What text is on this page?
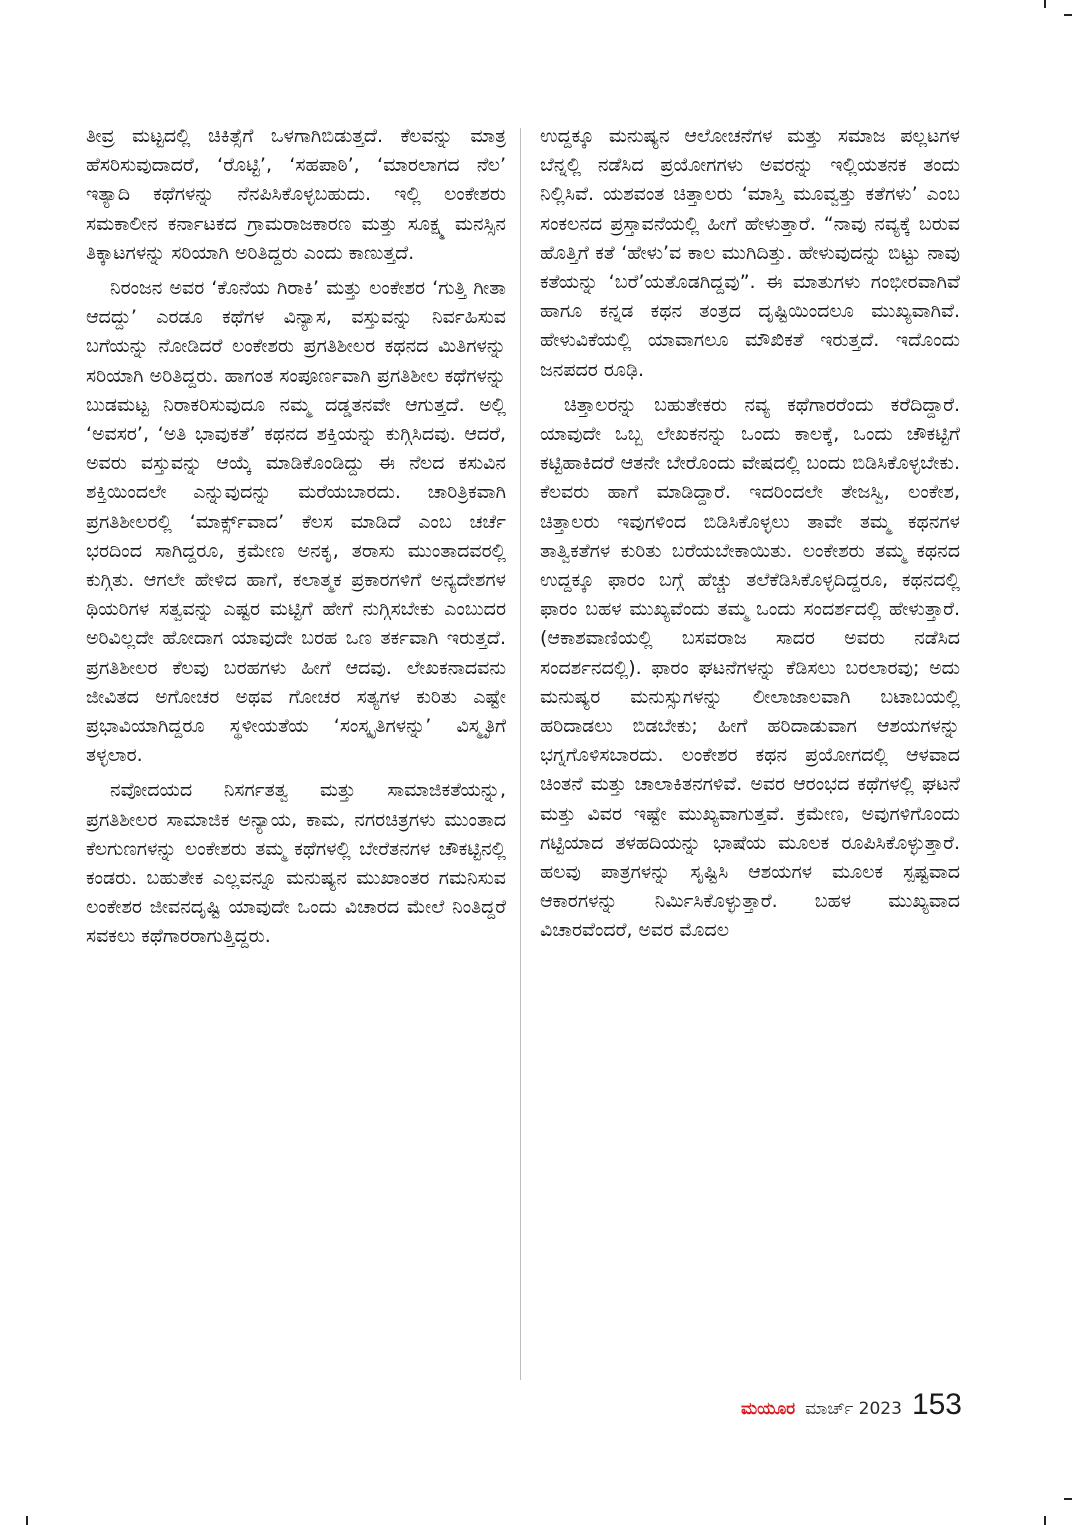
ತೀವ್ರ ಮಟ್ಟದಲ್ಲಿ ಚಿಕಿತ್ಸೆಗೆ ಒಳಗಾಗಿಬಿಡುತ್ತದೆ. ಕೆಲವನ್ನು ಮಾತ್ರ ಹೆಸರಿಸುವುದಾದರೆ, ‘ರೊಟ್ಟಿ’, ‘ಸಹಪಾಠಿ’, ‘ಮಾರಲಾಗದ ನೆಲ’ ಇತ್ಯಾದಿ ಕಥೆಗಳನ್ನು ನೆನಪಿಸಿಕೊಳ್ಳಬಹುದು. ಇಲ್ಲಿ ಲಂಕೇಶರು ಸಮಕಾಲೀನ ಕರ್ನಾಟಕದ ಗ್ರಾಮರಾಜಕಾರಣ ಮತ್ತು ಸೂಕ್ಷ್ಮ ಮನಸ್ಸಿನ ತಿಕ್ಕಾಟಗಳನ್ನು ಸರಿಯಾಗಿ ಅರಿತಿದ್ದರು ಎಂದು ಕಾಣುತ್ತದೆ.

ನಿರಂಜನ ಅವರ ‘ಕೊನೆಯ ಗಿರಾಕಿ’ ಮತ್ತು ಲಂಕೇಶರ ‘ಗುತ್ತಿ ಗೀತಾ ಆದದ್ದು’ ಎರಡೂ ಕಥೆಗಳ ವಿನ್ಯಾಸ, ವಸ್ತುವನ್ನು ನಿರ್ವಹಿಸುವ ಬಗೆಯನ್ನು ನೋಡಿದರೆ ಲಂಕೇಶರು ಪ್ರಗತಿಶೀಲರ ಕಥನದ ಮಿತಿಗಳನ್ನು ಸರಿಯಾಗಿ ಅರಿತಿದ್ದರು. ಹಾಗಂತ ಸಂಪೂರ್ಣವಾಗಿ ಪ್ರಗತಿಶೀಲ ಕಥೆಗಳನ್ನು ಬುಡಮಟ್ಟ ನಿರಾಕರಿಸುವುದೂ ನಮ್ಮ ದಡ್ಡತನವೇ ಆಗುತ್ತದೆ. ಅಲ್ಲಿ ‘ಅವಸರ’, ‘ಅತಿ ಭಾವುಕತೆ’ ಕಥನದ ಶಕ್ತಿಯನ್ನು ಕುಗ್ಗಿಸಿದವು. ಆದರೆ, ಅವರು ವಸ್ತುವನ್ನು ಆಯ್ಕೆ ಮಾಡಿಕೊಂಡಿದ್ದು ಈ ನೆಲದ ಕಸುವಿನ ಶಕ್ತಿಯಿಂದಲೇ ಎನ್ನುವುದನ್ನು ಮರೆಯಬಾರದು. ಚಾರಿತ್ರಿಕವಾಗಿ ಪ್ರಗತಿಶೀಲರಲ್ಲಿ ‘ಮಾರ್ಕ್ಸ್‌ವಾದ’ ಕೆಲಸ ಮಾಡಿದೆ ಎಂಬ ಚರ್ಚೆ ಭರದಿಂದ ಸಾಗಿದ್ದರೂ, ಕ್ರಮೇಣ ಅನಕೃ, ತರಾಸು ಮುಂತಾದವರಲ್ಲಿ ಕುಗ್ಗಿತು. ಆಗಲೇ ಹೇಳಿದ ಹಾಗೆ, ಕಲಾತ್ಮಕ ಪ್ರಕಾರಗಳಿಗೆ ಅನ್ಯದೇಶಗಳ ಥಿಯರಿಗಳ ಸತ್ವವನ್ನು ಎಷ್ಟರ ಮಟ್ಟಿಗೆ ಹೇಗೆ ನುಗ್ಗಿಸಬೇಕು ಎಂಬುದರ ಅರಿವಿಲ್ಲದೇ ಹೋದಾಗ ಯಾವುದೇ ಬರಹ ಒಣ ತರ್ಕವಾಗಿ ಇರುತ್ತದೆ. ಪ್ರಗತಿಶೀಲರ ಕೆಲವು ಬರಹಗಳು ಹೀಗೆ ಆದವು. ಲೇಖಕನಾದವನು ಜೀವಿತದ ಅಗೋಚರ ಅಥವ ಗೋಚರ ಸತ್ಯಗಳ ಕುರಿತು ಎಷ್ಟೇ ಪ್ರಭಾವಿಯಾಗಿದ್ದರೂ ಸ್ಥಳೀಯತೆಯ ‘ಸಂಸ್ಕೃತಿಗಳನ್ನು’ ವಿಸ್ಮೃತಿಗೆ ತಳ್ಳಲಾರ.

ನವೋದಯದ ನಿಸರ್ಗತತ್ವ ಮತ್ತು ಸಾಮಾಜಿಕತೆಯನ್ನು, ಪ್ರಗತಿಶೀಲರ ಸಾಮಾಜಿಕ ಅನ್ಯಾಯ, ಕಾಮ, ನಗರಚಿತ್ರಗಳು ಮುಂತಾದ ಕೆಲಗುಣಗಳನ್ನು ಲಂಕೇಶರು ತಮ್ಮ ಕಥೆಗಳಲ್ಲಿ ಬೇರೆತನಗಳ ಚೌಕಟ್ಟಿನಲ್ಲಿ ಕಂಡರು. ಬಹುತೇಕ ಎಲ್ಲವನ್ನೂ ಮನುಷ್ಯನ ಮುಖಾಂತರ ಗಮನಿಸುವ ಲಂಕೇಶರ ಜೀವನದೃಷ್ಟಿ ಯಾವುದೇ ಒಂದು ವಿಚಾರದ ಮೇಲೆ ನಿಂತಿದ್ದರೆ ಸವಕಲು ಕಥೆಗಾರರಾಗುತ್ತಿದ್ದರು.

ಉದ್ದಕ್ಕೂ ಮನುಷ್ಯನ ಆಲೋಚನೆಗಳ ಮತ್ತು ಸಮಾಜ ಪಲ್ಲಟಗಳ ಬೆನ್ನಲ್ಲಿ ನಡೆಸಿದ ಪ್ರಯೋಗಗಳು ಅವರನ್ನು ಇಲ್ಲಿಯತನಕ ತಂದು ನಿಲ್ಲಿಸಿವೆ. ಯಶವಂತ ಚಿತ್ತಾಲರು ‘ಮಾಸ್ತಿ ಮೂವ್ವತ್ತು ಕತೆಗಳು’ ಎಂಬ ಸಂಕಲನದ ಪ್ರಸ್ತಾವನೆಯಲ್ಲಿ ಹೀಗೆ ಹೇಳುತ್ತಾರೆ. “ನಾವು ನವ್ಯಕ್ಕೆ ಬರುವ ಹೊತ್ತಿಗೆ ಕತೆ ‘ಹೇಳು’ವ ಕಾಲ ಮುಗಿದಿತ್ತು. ಹೇಳುವುದನ್ನು ಬಿಟ್ಟು ನಾವು ಕತೆಯನ್ನು ‘ಬರೆ’ಯತೊಡಗಿದ್ದವು”. ಈ ಮಾತುಗಳು ಗಂಭೀರವಾಗಿವೆ ಹಾಗೂ ಕನ್ನಡ ಕಥನ ತಂತ್ರದ ದೃಷ್ಟಿಯಿಂದಲೂ ಮುಖ್ಯವಾಗಿವೆ. ಹೇಳುವಿಕೆಯಲ್ಲಿ ಯಾವಾಗಲೂ ಮೌಖಿಕತೆ ಇರುತ್ತದೆ. ಇದೊಂದು ಜನಪದರ ರೂಢಿ.

ಚಿತ್ತಾಲರನ್ನು ಬಹುತೇಕರು ನವ್ಯ ಕಥೆಗಾರರೆಂದು ಕರೆದಿದ್ದಾರೆ. ಯಾವುದೇ ಒಬ್ಬ ಲೇಖಕನನ್ನು ಒಂದು ಕಾಲಕ್ಕೆ, ಒಂದು ಚೌಕಟ್ಟಿಗೆ ಕಟ್ಟಿಹಾಕಿದರೆ ಆತನೇ ಬೇರೊಂದು ವೇಷದಲ್ಲಿ ಬಂದು ಬಿಡಿಸಿಕೊಳ್ಳಬೇಕು. ಕೆಲವರು ಹಾಗೆ ಮಾಡಿದ್ದಾರೆ. ಇದರಿಂದಲೇ ತೇಜಸ್ವಿ, ಲಂಕೇಶ, ಚಿತ್ತಾಲರು ಇವುಗಳಿಂದ ಬಿಡಿಸಿಕೊಳ್ಳಲು ತಾವೇ ತಮ್ಮ ಕಥನಗಳ ತಾತ್ವಿಕತೆಗಳ ಕುರಿತು ಬರೆಯಬೇಕಾಯಿತು. ಲಂಕೇಶರು ತಮ್ಮ ಕಥನದ ಉದ್ದಕ್ಕೂ ಫಾರಂ ಬಗ್ಗೆ ಹೆಚ್ಚು ತಲೆಕೆಡಿಸಿಕೊಳ್ಳದಿದ್ದರೂ, ಕಥನದಲ್ಲಿ ಫಾರಂ ಬಹಳ ಮುಖ್ಯವೆಂದು ತಮ್ಮ ಒಂದು ಸಂದರ್ಶದಲ್ಲಿ ಹೇಳುತ್ತಾರೆ. (ಆಕಾಶವಾಣಿಯಲ್ಲಿ ಬಸವರಾಜ ಸಾದರ ಅವರು ನಡೆಸಿದ ಸಂದರ್ಶನದಲ್ಲಿ). ಫಾರಂ ಘಟನೆಗಳನ್ನು ಕೆಡಿಸಲು ಬರಲಾರವು; ಅದು ಮನುಷ್ಯರ ಮನುಸ್ಸುಗಳನ್ನು ಲೀಲಾಜಾಲವಾಗಿ ಬಟಾಬಯಲ್ಲಿ ಹರಿದಾಡಲು ಬಿಡಬೇಕು; ಹೀಗೆ ಹರಿದಾಡುವಾಗ ಆಶಯಗಳನ್ನು ಭಗ್ನಗೊಳಿಸಬಾರದು. ಲಂಕೇಶರ ಕಥನ ಪ್ರಯೋಗದಲ್ಲಿ ಆಳವಾದ ಚಿಂತನೆ ಮತ್ತು ಚಾಲಾಕಿತನಗಳಿವೆ. ಅವರ ಆರಂಭದ ಕಥೆಗಳಲ್ಲಿ ಘಟನೆ ಮತ್ತು ವಿವರ ಇಷ್ಟೇ ಮುಖ್ಯವಾಗುತ್ತವೆ. ಕ್ರಮೇಣ, ಅವುಗಳಿಗೊಂದು ಗಟ್ಟಿಯಾದ ತಳಹದಿಯನ್ನು ಭಾಷೆಯ ಮೂಲಕ ರೂಪಿಸಿಕೊಳ್ಳುತ್ತಾರೆ. ಹಲವು ಪಾತ್ರಗಳನ್ನು ಸೃಷ್ಟಿಸಿ ಆಶಯಗಳ ಮೂಲಕ ಸ್ಪಷ್ಟವಾದ ಆಕಾರಗಳನ್ನು ನಿರ್ಮಿಸಿಕೊಳ್ಳುತ್ತಾರೆ. ಬಹಳ ಮುಖ್ಯವಾದ ವಿಚಾರವೆಂದರೆ, ಅವರ ಮೊದಲ

ಮಯೂರ ಮಾರ್ಚ್ 2023 153
